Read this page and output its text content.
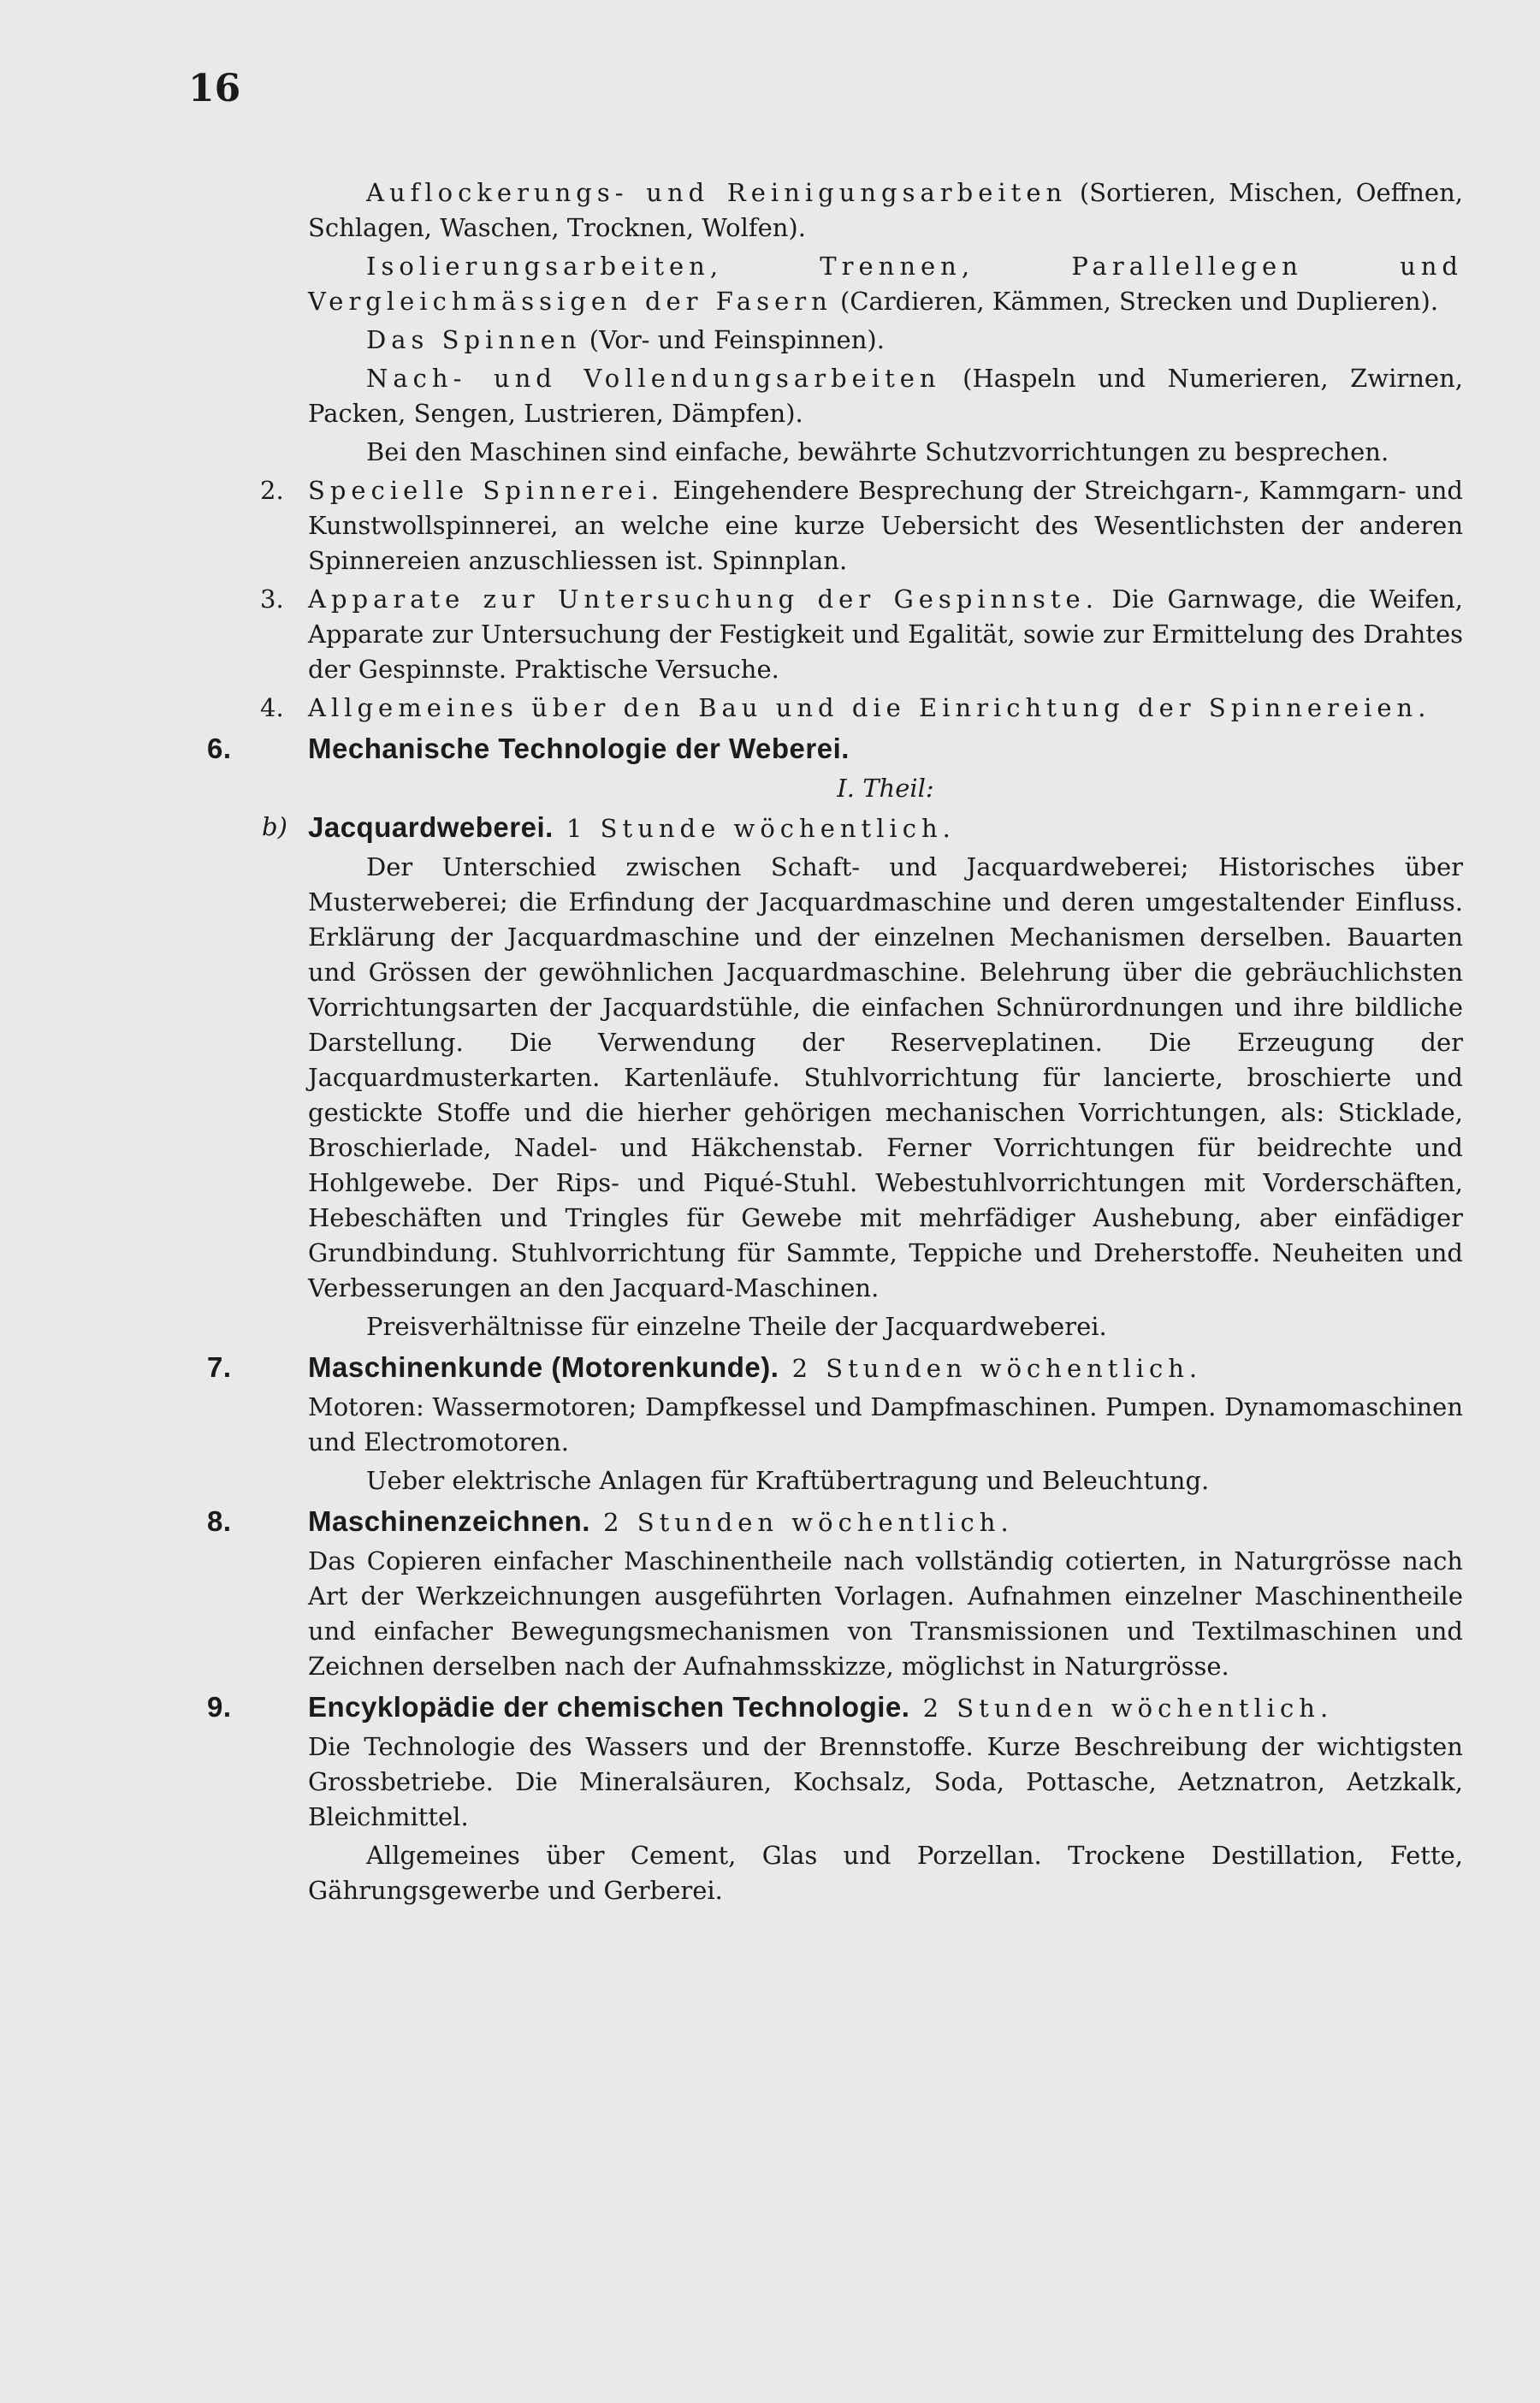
16

Auflockerungs- und Reinigungsarbeiten (Sortieren, Mischen, Oeffnen, Schlagen, Waschen, Trocknen, Wolfen).

Isolierungsarbeiten, Trennen, Parallellegen und Vergleichmässigen der Fasern (Cardieren, Kämmen, Strecken und Duplieren).

Das Spinnen (Vor- und Feinspinnen).

Nach- und Vollendungsarbeiten (Haspeln und Numerieren, Zwirnen, Packen, Sengen, Lustrieren, Dämpfen).

Bei den Maschinen sind einfache, bewährte Schutzvorrichtungen zu besprechen.

2. Specielle Spinnerei. Eingehendere Besprechung der Streichgarn-, Kammgarn- und Kunstwollspinnerei, an welche eine kurze Uebersicht des Wesentlichsten der anderen Spinnereien anzuschliessen ist. Spinnplan.

3. Apparate zur Untersuchung der Gespinnste. Die Garnwage, die Weifen, Apparate zur Untersuchung der Festigkeit und Egalität, sowie zur Ermittelung des Drahtes der Gespinnste. Praktische Versuche.

4. Allgemeines über den Bau und die Einrichtung der Spinnereien.

6.	Mechanische Technologie der Weberei.

I. Theil:

b) Jacquardweberei. 1 Stunde wöchentlich.

Der Unterschied zwischen Schaft- und Jacquardweberei; Historisches über Musterweberei; die Erfindung der Jacquardmaschine und deren umgestaltender Einfluss. Erklärung der Jacquardmaschine und der einzelnen Mechanismen derselben. Bauarten und Grössen der gewöhnlichen Jacquardmaschine. Belehrung über die gebräuchlichsten Vorrichtungsarten der Jacquardstühle, die einfachen Schnürordnungen und ihre bildliche Darstellung. Die Verwendung der Reserveplatinen. Die Erzeugung der Jacquardmusterkarten. Kartenläufe. Stuhlvorrichtung für lancierte, broschierte und gestickte Stoffe und die hierher gehörigen mechanischen Vorrichtungen, als: Sticklade, Broschierlade, Nadel- und Häkchenstab. Ferner Vorrichtungen für beidrechte und Hohlgewebe. Der Rips- und Piqué-Stuhl. Webestuhlvorrichtungen mit Vorderschäften, Hebeschäften und Tringles für Gewebe mit mehrfädiger Aushebung, aber einfädiger Grundbindung. Stuhlvorrichtung für Sammte, Teppiche und Dreherstoffe. Neuheiten und Verbesserungen an den Jacquard-Maschinen.

Preisverhältnisse für einzelne Theile der Jacquardweberei.

7.	Maschinenkunde (Motorenkunde). 2 Stunden wöchentlich.

Motoren: Wassermotoren; Dampfkessel und Dampfmaschinen. Pumpen. Dynamomaschinen und Electromotoren.

Ueber elektrische Anlagen für Kraftübertragung und Beleuchtung.

8.	Maschinenzeichnen. 2 Stunden wöchentlich.

Das Copieren einfacher Maschinentheile nach vollständig cotierten, in Naturgrösse nach Art der Werkzeichnungen ausgeführten Vorlagen. Aufnahmen einzelner Maschinentheile und einfacher Bewegungsmechanismen von Transmissionen und Textilmaschinen und Zeichnen derselben nach der Aufnahmsskizze, möglichst in Naturgrösse.

9.	Encyklopädie der chemischen Technologie. 2 Stunden wöchentlich.

Die Technologie des Wassers und der Brennstoffe. Kurze Beschreibung der wichtigsten Grossbetriebe. Die Mineralsäuren, Kochsalz, Soda, Pottasche, Aetznatron, Aetzkalk, Bleichmittel.

Allgemeines über Cement, Glas und Porzellan. Trockene Destillation, Fette, Gährungsgewerbe und Gerberei.
